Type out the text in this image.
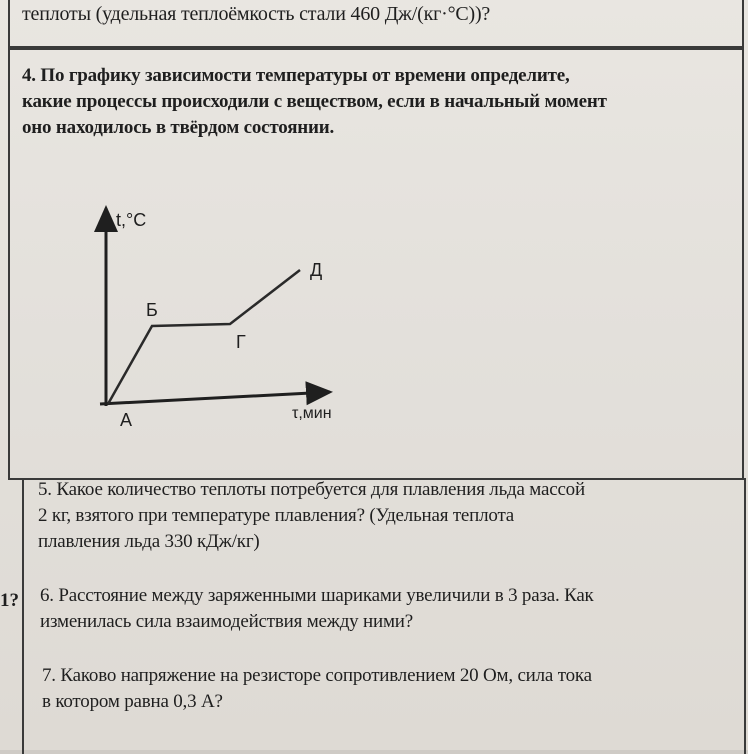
теплоты (удельная теплоёмкость стали 460 Дж/(кг·°С))?
4. По графику зависимости температуры от времени определите,
какие процессы происходили с веществом, если в начальный момент
оно находилось в твёрдом состоянии.
t,°C
τ,мин
А
Б
Г
Д
5. Какое количество теплоты потребуется для плавления льда массой
2 кг, взятого при температуре плавления? (Удельная теплота
плавления льда 330 кДж/кг)
1? 6. Расстояние между заряженными шариками увеличили в 3 раза. Как
изменилась сила взаимодействия между ними?
7. Каково напряжение на резисторе сопротивлением 20 Ом, сила тока
в котором равна 0,3 А?
